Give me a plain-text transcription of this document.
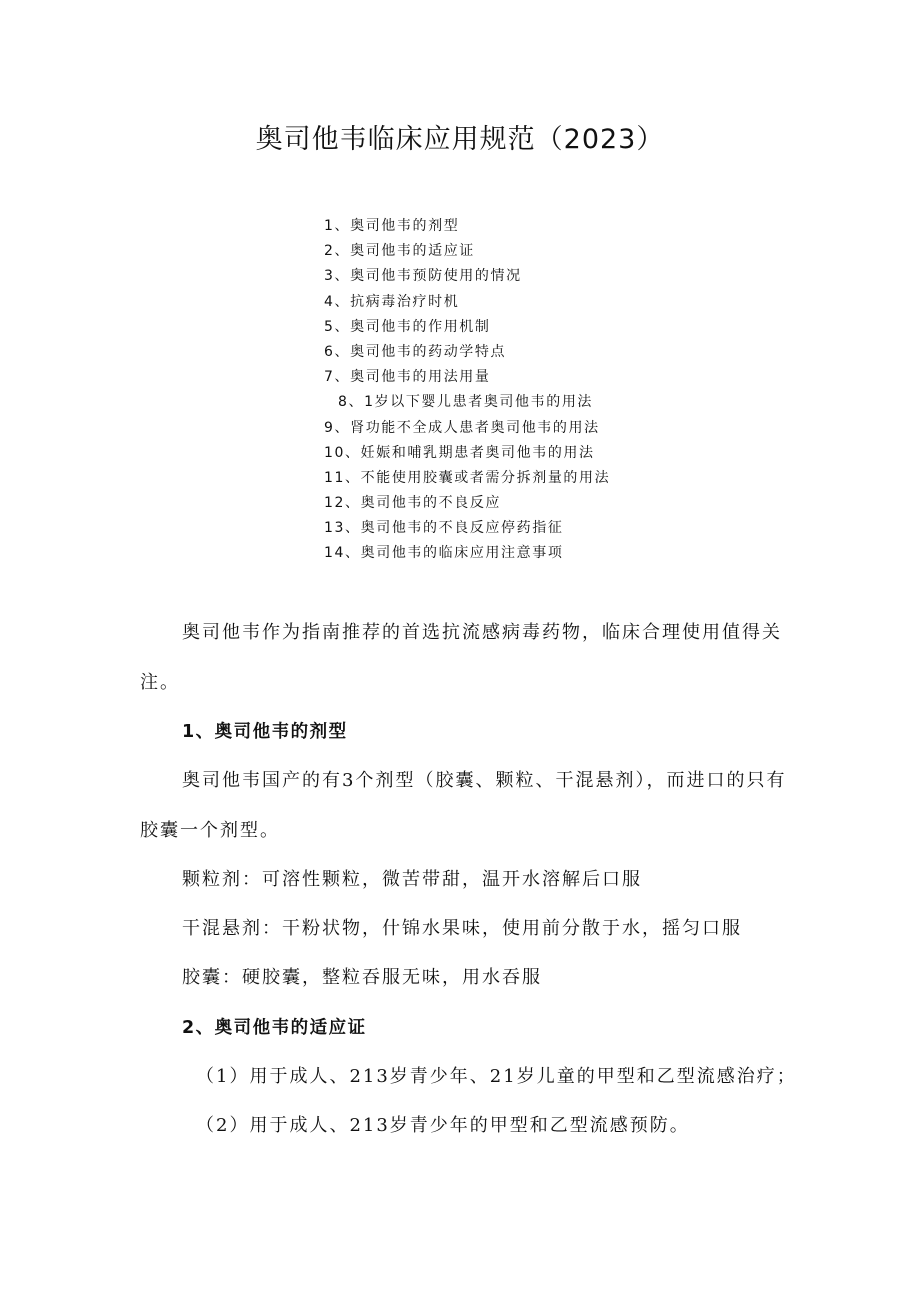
奥司他韦临床应用规范（2023）
1、奥司他韦的剂型
2、奥司他韦的适应证
3、奥司他韦预防使用的情况
4、抗病毒治疗时机
5、奥司他韦的作用机制
6、奥司他韦的药动学特点
7、奥司他韦的用法用量
8、1岁以下婴儿患者奥司他韦的用法
9、肾功能不全成人患者奥司他韦的用法
10、妊娠和哺乳期患者奥司他韦的用法
11、不能使用胶囊或者需分拆剂量的用法
12、奥司他韦的不良反应
13、奥司他韦的不良反应停药指征
14、奥司他韦的临床应用注意事项

奥司他韦作为指南推荐的首选抗流感病毒药物，临床合理使用值得关

注。

1、奥司他韦的剂型

奥司他韦国产的有3个剂型（胶囊、颗粒、干混悬剂），而进口的只有

胶囊一个剂型。

颗粒剂：可溶性颗粒，微苦带甜，温开水溶解后口服

干混悬剂：干粉状物，什锦水果味，使用前分散于水，摇匀口服

胶囊：硬胶囊，整粒吞服无味，用水吞服

2、奥司他韦的适应证

（1）用于成人、213岁青少年、21岁儿童的甲型和乙型流感治疗；

（2）用于成人、213岁青少年的甲型和乙型流感预防。
